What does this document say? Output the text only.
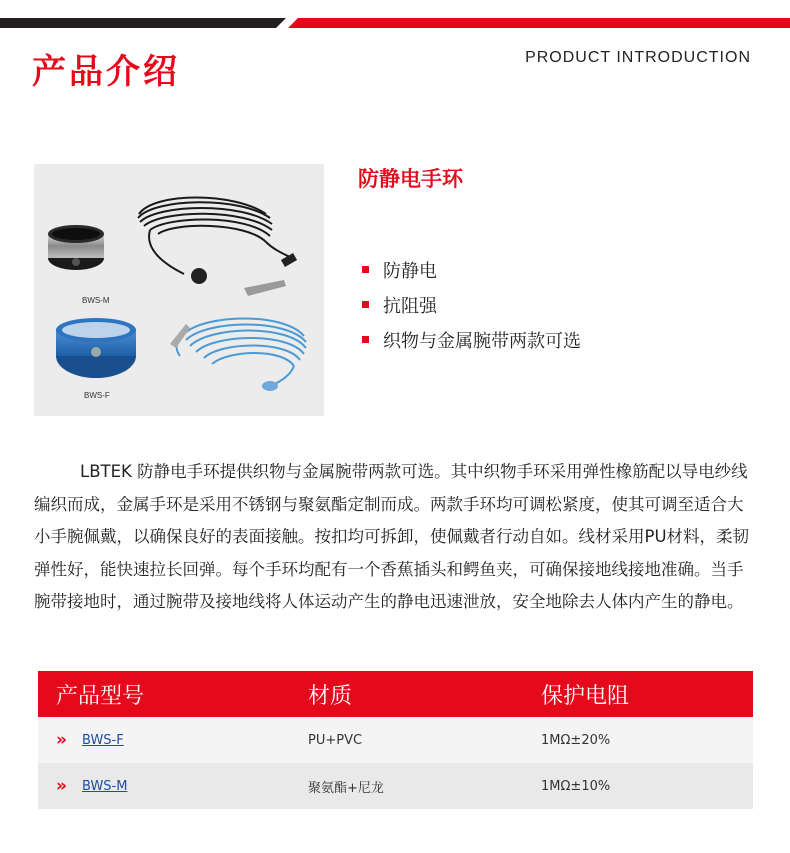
产品介绍	PRODUCT INTRODUCTION
BWS-M
BWS-F
防静电手环
防静电
抗阻强
织物与金属腕带两款可选

LBTEK 防静电手环提供织物与金属腕带两款可选。其中织物手环采用弹性橡筋配以导电纱线编织而成，金属手环是采用不锈钢与聚氨酯定制而成。两款手环均可调松紧度，使其可调至适合大小手腕佩戴，以确保良好的表面接触。按扣均可拆卸，使佩戴者行动自如。线材采用PU材料，柔韧弹性好，能快速拉长回弹。每个手环均配有一个香蕉插头和鳄鱼夹，可确保接地线接地准确。当手腕带接地时，通过腕带及接地线将人体运动产生的静电迅速泄放，安全地除去人体内产生的静电。

产品型号	材质	保护电阻
»	BWS-F	PU+PVC	1MΩ±20%
»	BWS-M	聚氨酯+尼龙	1MΩ±10%
